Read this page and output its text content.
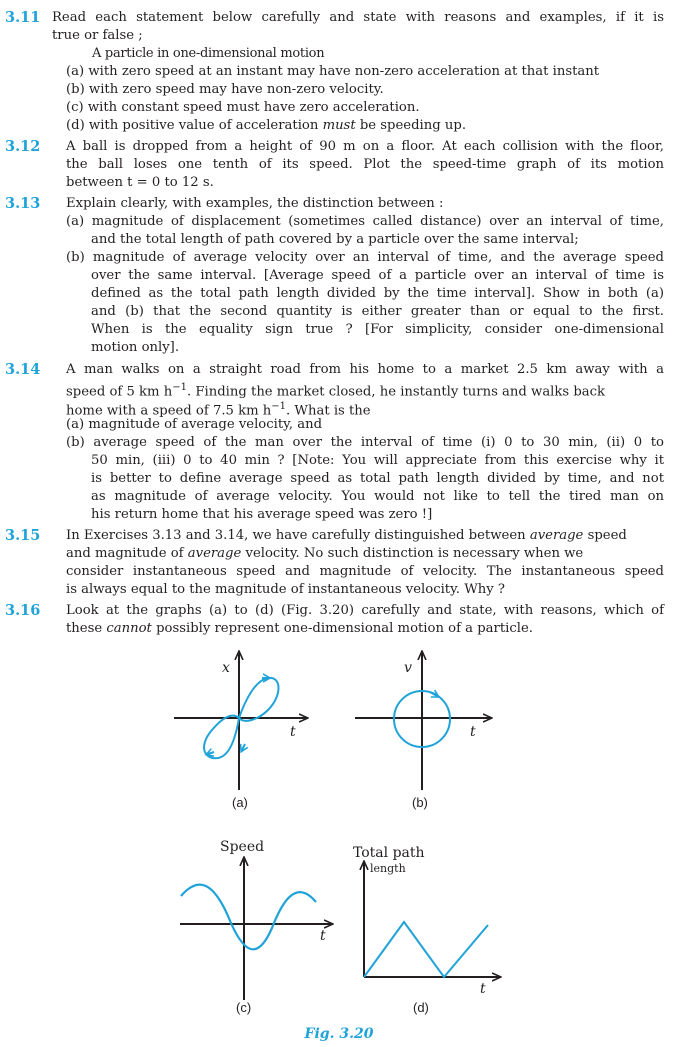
3.11 Read each statement below carefully and state with reasons and examples, if it is
true or false ;
A particle in one-dimensional motion
(a) with zero speed at an instant may have non-zero acceleration at that instant
(b) with zero speed may have non-zero velocity.
(c) with constant speed must have zero acceleration.
(d) with positive value of acceleration must be speeding up.
3.12 A ball is dropped from a height of 90 m on a floor. At each collision with the floor,
the ball loses one tenth of its speed. Plot the speed-time graph of its motion
between t = 0 to 12 s.
3.13 Explain clearly, with examples, the distinction between :
(a) magnitude of displacement (sometimes called distance) over an interval of time,
and the total length of path covered by a particle over the same interval;
(b) magnitude of average velocity over an interval of time, and the average speed
over the same interval. [Average speed of a particle over an interval of time is
defined as the total path length divided by the time interval]. Show in both (a)
and (b) that the second quantity is either greater than or equal to the first.
When is the equality sign true ? [For simplicity, consider one-dimensional
motion only].
3.14 A man walks on a straight road from his home to a market 2.5 km away with a
speed of 5 km $h^{-1}$. Finding the market closed, he instantly turns and walks back
home with a speed of 7.5 km $h^{-1}$. What is the
(a) magnitude of average velocity, and
(b) average speed of the man over the interval of time (i) 0 to 30 min, (ii) 0 to
50 min, (iii) 0 to 40 min ? [Note: You will appreciate from this exercise why it
is better to define average speed as total path length divided by time, and not
as magnitude of average velocity. You would not like to tell the tired man on
his return home that his average speed was zero !]
3.15 In Exercises 3.13 and 3.14, we have carefully distinguished between average speed
and magnitude of average velocity. No such distinction is necessary when we
consider instantaneous speed and magnitude of velocity. The instantaneous speed
is always equal to the magnitude of instantaneous velocity. Why ?
3.16 Look at the graphs (a) to (d) (Fig. 3.20) carefully and state, with reasons, which of
these cannot possibly represent one-dimensional motion of a particle.
x
t
(a)
v
t
(b)
Speed
t
(c)
Total path
length
t
(d)
Fig. 3.20
